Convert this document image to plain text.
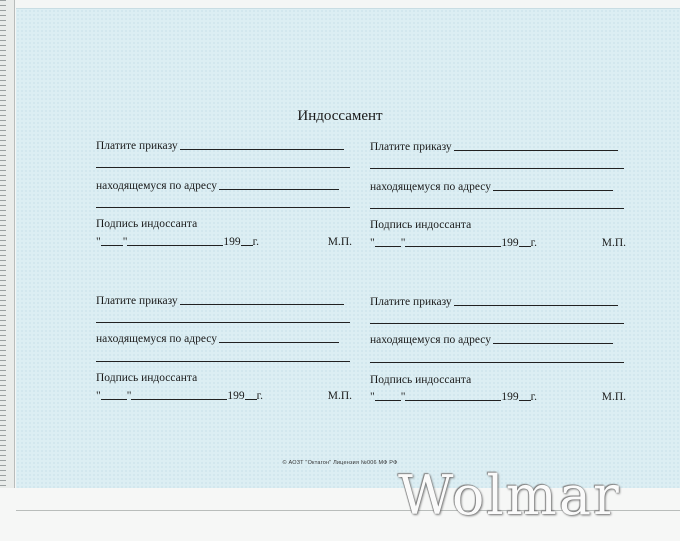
Индоссамент
Платите приказу
находящемуся по адресу
Подпись индоссанта
" "	199 г.	М.П.
Платите приказу
находящемуся по адресу
Подпись индоссанта
" "	199 г.	М.П.
Платите приказу
находящемуся по адресу
Подпись индоссанта
" "	199 г.	М.П.
Платите приказу
находящемуся по адресу
Подпись индоссанта
" "	199 г.	М.П.
© АОЗТ "Октагон" Лицензия №006 МФ РФ
Wolmar
